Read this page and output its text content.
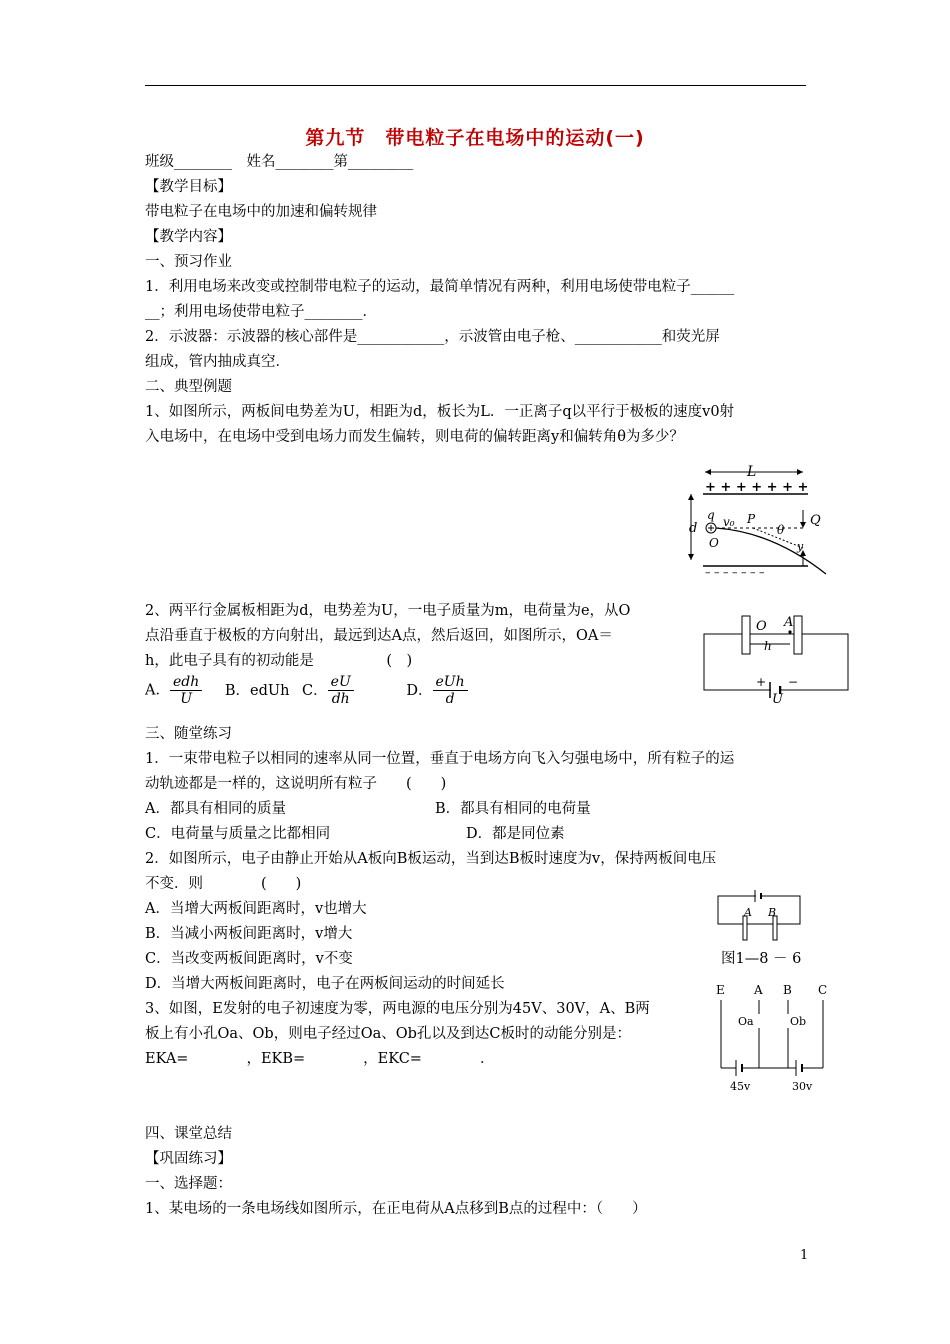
第九节　带电粒子在电场中的运动(一)
班级________　姓名________第_________
【教学目标】
带电粒子在电场中的加速和偏转规律
【教学内容】
一、预习作业
1．利用电场来改变或控制带电粒子的运动，最简单情况有两种，利用电场使带电粒子______
__；利用电场使带电粒子________．
2．示波器：示波器的核心部件是____________，示波管由电子枪、____________和荧光屏
组成，管内抽成真空．
二、典型例题
1、如图所示，两板间电势差为U，相距为d，板长为L．一正离子q以平行于极板的速度v0射
入电场中，在电场中受到电场力而发生偏转，则电荷的偏转距离y和偏转角θ为多少？
L
+ + + + + + +
d
q v₀ P
θ
O
Q
y
– – – – – – –
2、两平行金属板相距为d，电势差为U，一电子质量为m，电荷量为e，从O
点沿垂直于极板的方向射出，最远到达A点，然后返回，如图所示，OA＝
h，此电子具有的初动能是　　　　　(　)
A． $\frac{\text{edh}}{U}$ B．edUh C． $\frac{eU}{dh}$	D． $\frac{\text{eUh}}{d}$
O A
h
+ −
U
三、随堂练习
1．一束带电粒子以相同的速率从同一位置，垂直于电场方向飞入匀强电场中，所有粒子的运
动轨迹都是一样的，这说明所有粒子　　(　　)
A．都具有相同的质量	B．都具有相同的电荷量
C．电荷量与质量之比都相同	D．都是同位素
2．如图所示，电子由静止开始从A板向B板运动，当到达B板时速度为v，保持两板间电压
不变．则　　　　(　　)
A．当增大两板间距离时，v也增大
B．当减小两板间距离时，v增大
C．当改变两板间距离时，v不变
D．当增大两板间距离时，电子在两板间运动的时间延长
A B
图1—8 － 6
3、如图，E发射的电子初速度为零，两电源的电压分别为45V、30V，A、B两
板上有小孔Oa、Ob，则电子经过Oa、Ob孔以及到达C板时的动能分别是：
EKA=　　　　，EKB=　　　　，EKC=　　　　．
E A B C
Oa	Ob
45v	30v
四、课堂总结
【巩固练习】
一、选择题：
1、某电场的一条电场线如图所示，在正电荷从A点移到B点的过程中：（　　）
1
